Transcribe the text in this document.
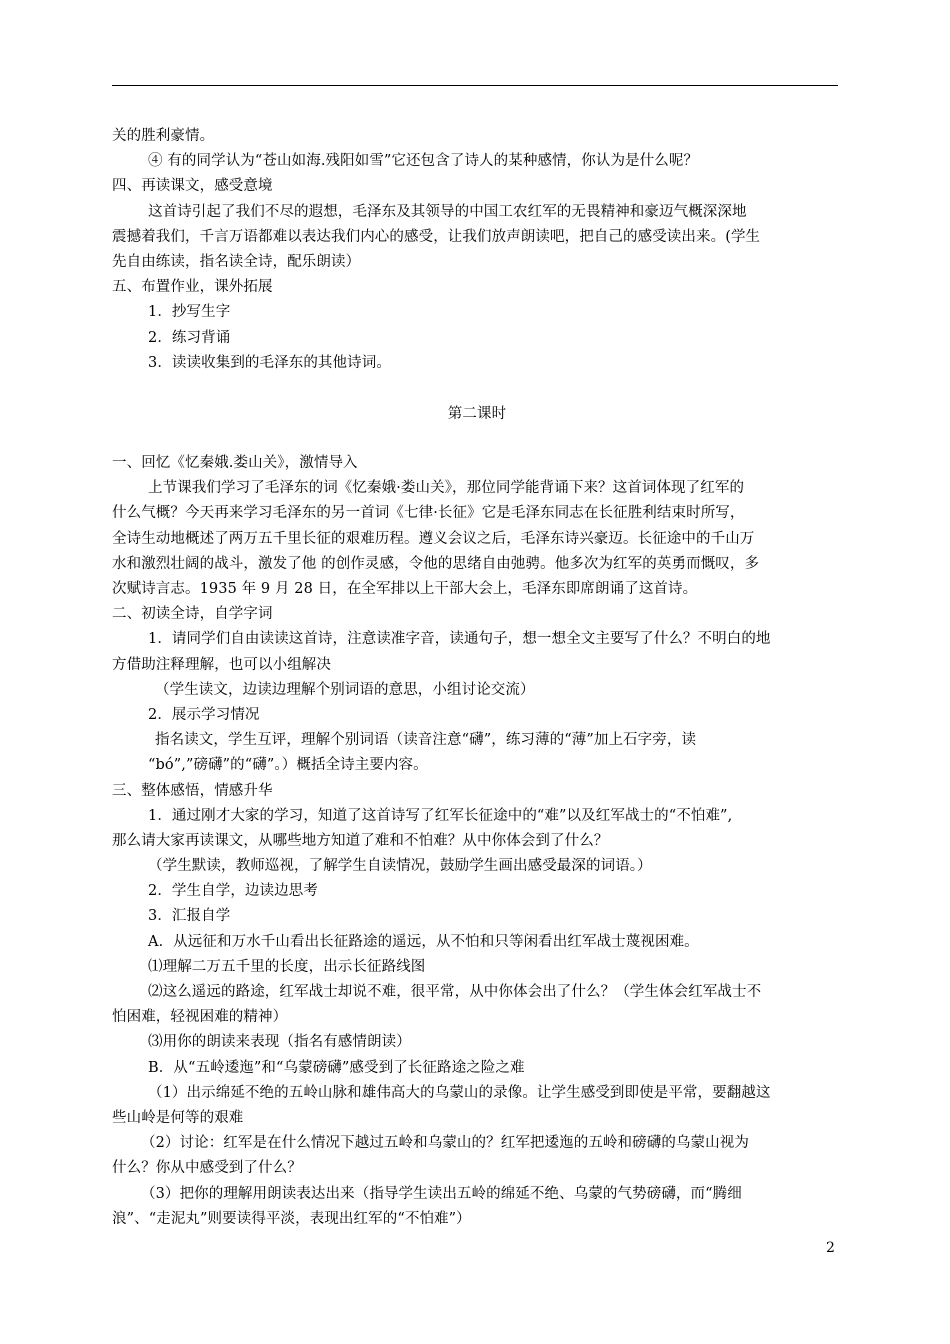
关的胜利豪情。
④ 有的同学认为“苍山如海.残阳如雪”它还包含了诗人的某种感情，你认为是什么呢？
四、再读课文，感受意境
这首诗引起了我们不尽的遐想，毛泽东及其领导的中国工农红军的无畏精神和豪迈气概深深地
震撼着我们，千言万语都难以表达我们内心的感受，让我们放声朗读吧，把自己的感受读出来。(学生
先自由练读，指名读全诗，配乐朗读）
五、布置作业，课外拓展
1．抄写生字
2．练习背诵
3．读读收集到的毛泽东的其他诗词。
第二课时
一、回忆《忆秦娥.娄山关》，激情导入
上节课我们学习了毛泽东的词《忆秦娥·娄山关》，那位同学能背诵下来？这首词体现了红军的
什么气概？今天再来学习毛泽东的另一首词《七律·长征》它是毛泽东同志在长征胜利结束时所写，
全诗生动地概述了两万五千里长征的艰难历程。遵义会议之后，毛泽东诗兴豪迈。长征途中的千山万
水和激烈壮阔的战斗，激发了他 的创作灵感，令他的思绪自由弛骋。他多次为红军的英勇而慨叹，多
次赋诗言志。1935 年 9 月 28 日，在全军排以上干部大会上，毛泽东即席朗诵了这首诗。
二、初读全诗，自学字词
1．请同学们自由读读这首诗，注意读准字音，读通句子，想一想全文主要写了什么？不明白的地
方借助注释理解，也可以小组解决
（学生读文，边读边理解个别词语的意思，小组讨论交流）
2．展示学习情况
指名读文，学生互评，理解个别词语（读音注意“礴”，练习薄的“薄”加上石字旁，读
“bó”,”磅礴”的“礴”。）概括全诗主要内容。
三、整体感悟，情感升华
1．通过刚才大家的学习，知道了这首诗写了红军长征途中的“难”以及红军战士的“不怕难”,
那么请大家再读课文，从哪些地方知道了难和不怕难？从中你体会到了什么？
（学生默读，教师巡视，了解学生自读情况，鼓励学生画出感受最深的词语。）
2．学生自学，边读边思考
3．汇报自学
A．从远征和万水千山看出长征路途的遥远，从不怕和只等闲看出红军战士蔑视困难。
⑴理解二万五千里的长度，出示长征路线图
⑵这么遥远的路途，红军战士却说不难，很平常，从中你体会出了什么？（学生体会红军战士不
怕困难，轻视困难的精神）
⑶用你的朗读来表现（指名有感情朗读）
B．从“五岭逶迤”和“乌蒙磅礴”感受到了长征路途之险之难
（1）出示绵延不绝的五岭山脉和雄伟高大的乌蒙山的录像。让学生感受到即使是平常，要翻越这
些山岭是何等的艰难
（2）讨论：红军是在什么情况下越过五岭和乌蒙山的？红军把逶迤的五岭和磅礴的乌蒙山视为
什么？你从中感受到了什么？
（3）把你的理解用朗读表达出来（指导学生读出五岭的绵延不绝、乌蒙的气势磅礴，而“腾细
浪”、“走泥丸”则要读得平淡，表现出红军的“不怕难”）
2
